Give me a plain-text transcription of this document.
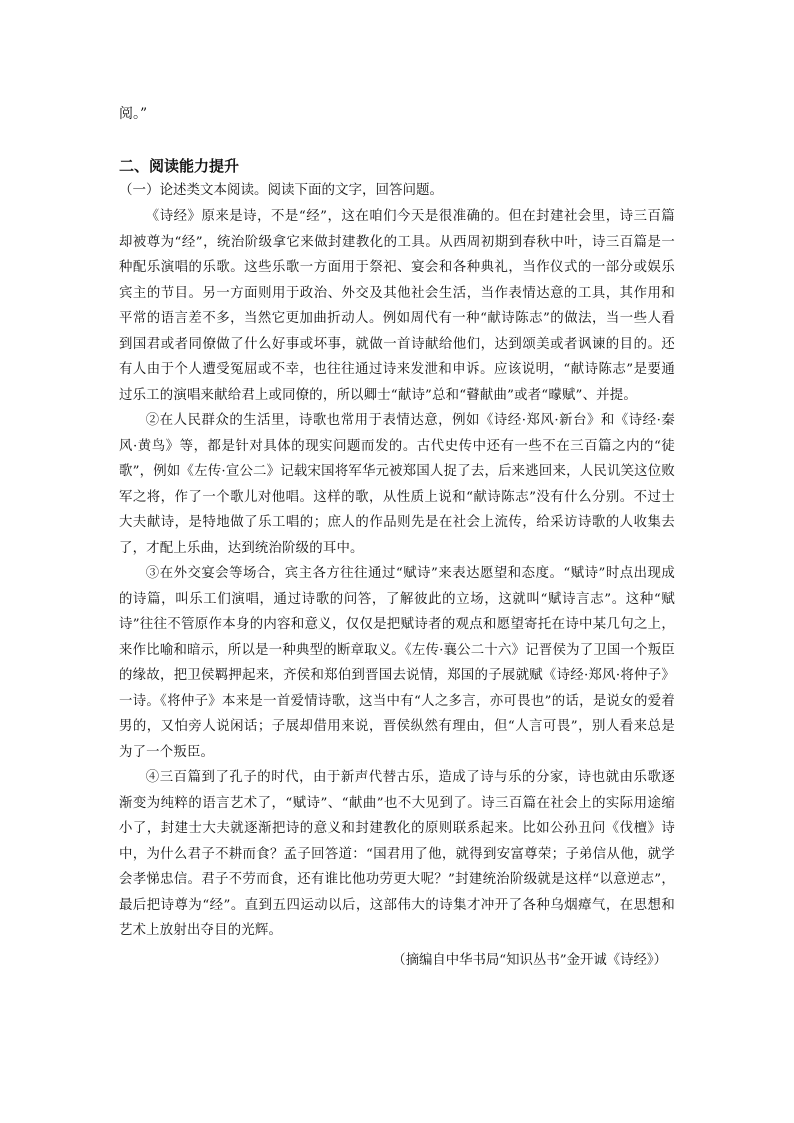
阅。”

二、阅读能力提升

（一）论述类文本阅读。阅读下面的文字，回答问题。

《诗经》原来是诗，不是“经”，这在咱们今天是很准确的。但在封建社会里，诗三百篇却被尊为“经”，统治阶级拿它来做封建教化的工具。从西周初期到春秋中叶，诗三百篇是一种配乐演唱的乐歌。这些乐歌一方面用于祭祀、宴会和各种典礼，当作仪式的一部分或娱乐宾主的节目。另一方面则用于政治、外交及其他社会生活，当作表情达意的工具，其作用和平常的语言差不多，当然它更加曲折动人。例如周代有一种“献诗陈志”的做法，当一些人看到国君或者同僚做了什么好事或坏事，就做一首诗献给他们，达到颂美或者讽谏的目的。还有人由于个人遭受冤屈或不幸，也往往通过诗来发泄和申诉。应该说明，“献诗陈志”是要通过乐工的演唱来献给君上或同僚的，所以卿士“献诗”总和“瞽献曲”或者“曚赋”、并提。

②在人民群众的生活里，诗歌也常用于表情达意，例如《诗经·郑风·新台》和《诗经·秦风·黄鸟》等，都是针对具体的现实问题而发的。古代史传中还有一些不在三百篇之内的“徒歌”，例如《左传·宣公二》记载宋国将军华元被郑国人捉了去，后来逃回来，人民讥笑这位败军之将，作了一个歌儿对他唱。这样的歌，从性质上说和“献诗陈志”没有什么分别。不过士大夫献诗，是特地做了乐工唱的；庶人的作品则先是在社会上流传，给采访诗歌的人收集去了，才配上乐曲，达到统治阶级的耳中。

③在外交宴会等场合，宾主各方往往通过“赋诗”来表达愿望和态度。“赋诗”时点出现成的诗篇，叫乐工们演唱，通过诗歌的问答，了解彼此的立场，这就叫“赋诗言志”。这种“赋诗”往往不管原作本身的内容和意义，仅仅是把赋诗者的观点和愿望寄托在诗中某几句之上，来作比喻和暗示，所以是一种典型的断章取义。《左传·襄公二十六》记晋侯为了卫国一个叛臣的缘故，把卫侯羁押起来，齐侯和郑伯到晋国去说情，郑国的子展就赋《诗经·郑风·将仲子》一诗。《将仲子》本来是一首爱情诗歌，这当中有“人之多言，亦可畏也”的话，是说女的爱着男的，又怕旁人说闲话；子展却借用来说，晋侯纵然有理由，但“人言可畏”，别人看来总是为了一个叛臣。

④三百篇到了孔子的时代，由于新声代替古乐，造成了诗与乐的分家，诗也就由乐歌逐渐变为纯粹的语言艺术了，“赋诗”、“献曲”也不大见到了。诗三百篇在社会上的实际用途缩小了，封建士大夫就逐渐把诗的意义和封建教化的原则联系起来。比如公孙丑问《伐檀》诗中，为什么君子不耕而食？孟子回答道：“国君用了他，就得到安富尊荣；子弟信从他，就学会孝悌忠信。君子不劳而食，还有谁比他功劳更大呢？”封建统治阶级就是这样“以意逆志”，最后把诗尊为“经”。直到五四运动以后，这部伟大的诗集才冲开了各种乌烟瘴气，在思想和艺术上放射出夺目的光辉。

（摘编自中华书局“知识丛书”金开诚《诗经》）
